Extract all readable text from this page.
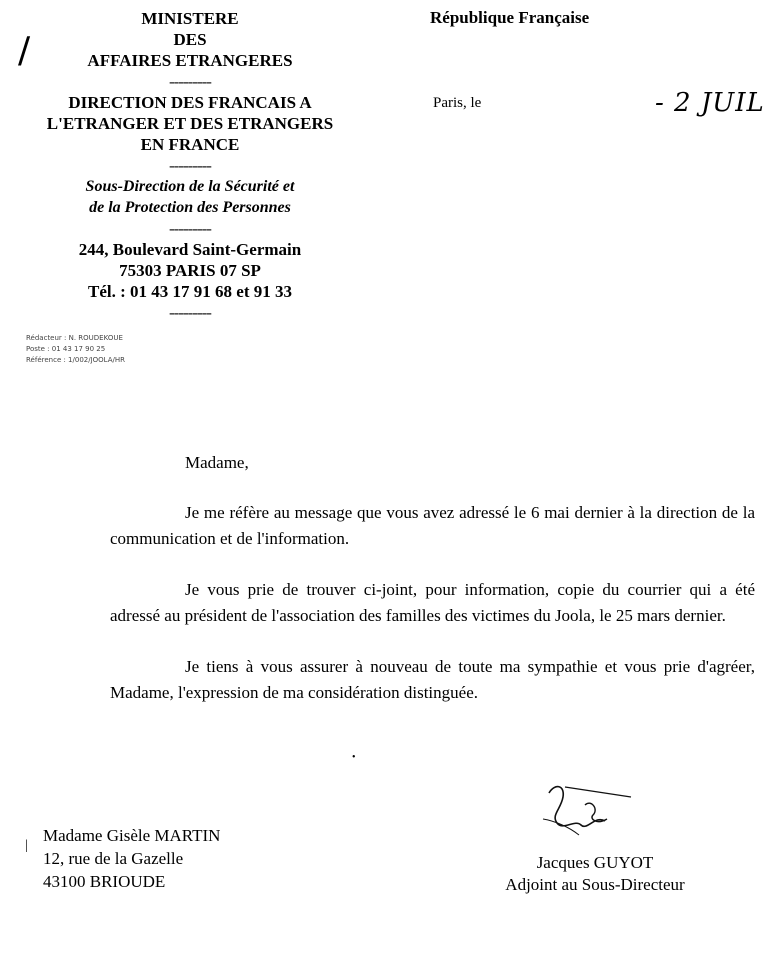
/
MINISTERE
DES
AFFAIRES ETRANGERES
---------
DIRECTION DES FRANCAIS A
L'ETRANGER ET DES ETRANGERS
EN FRANCE
---------
Sous-Direction de la Sécurité et
de la Protection des Personnes
---------
244, Boulevard Saint-Germain
75303 PARIS 07 SP
Tél. : 01 43 17 91 68 et 91 33
---------
Rédacteur : N. ROUDEKOUE
Poste : 01 43 17 90 25
Référence : 1/002/JOOLA/HR
République Française
Paris, le	- 2 JUIL
Madame,

Je me réfère au message que vous avez adressé le 6 mai dernier à la direction de la communication et de l'information.

Je vous prie de trouver ci-joint, pour information, copie du courrier qui a été adressé au président de l'association des familles des victimes du Joola, le 25 mars dernier.

Je tiens à vous assurer à nouveau de toute ma sympathie et vous prie d'agréer, Madame, l'expression de ma considération distinguée.

•
|
Madame Gisèle MARTIN
12, rue de la Gazelle
43100 BRIOUDE
Jacques GUYOT
Adjoint au Sous-Directeur
